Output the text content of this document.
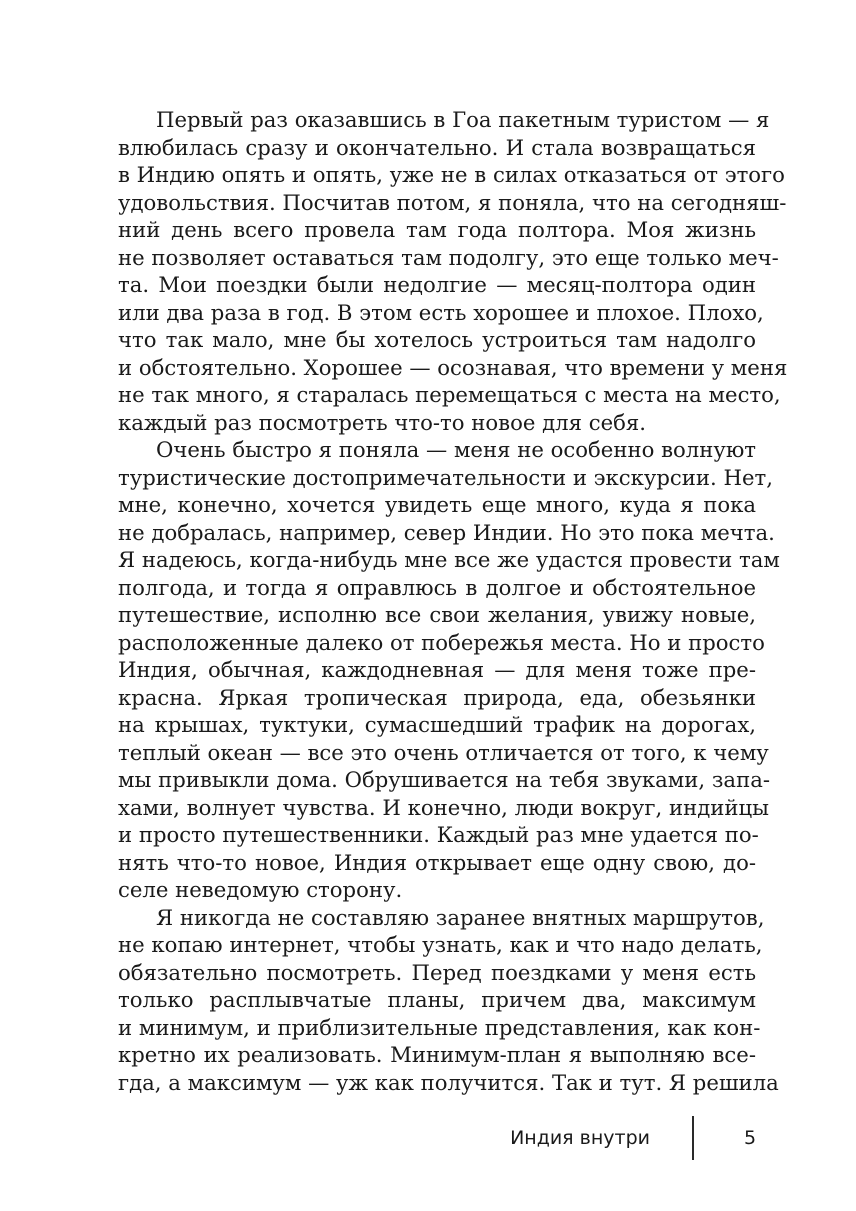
Первый раз оказавшись в Гоа пакетным туристом — я
влюбилась сразу и окончательно. И стала возвращаться
в Индию опять и опять, уже не в силах отказаться от этого
удовольствия. Посчитав потом, я поняла, что на сегодняш-
ний день всего провела там года полтора. Моя жизнь
не позволяет оставаться там подолгу, это еще только меч-
та. Мои поездки были недолгие — месяц-полтора один
или два раза в год. В этом есть хорошее и плохое. Плохо,
что так мало, мне бы хотелось устроиться там надолго
и обстоятельно. Хорошее — осознавая, что времени у меня
не так много, я старалась перемещаться с места на место,
каждый раз посмотреть что-то новое для себя.
Очень быстро я поняла — меня не особенно волнуют
туристические достопримечательности и экскурсии. Нет,
мне, конечно, хочется увидеть еще много, куда я пока
не добралась, например, север Индии. Но это пока мечта.
Я надеюсь, когда-нибудь мне все же удастся провести там
полгода, и тогда я оправлюсь в долгое и обстоятельное
путешествие, исполню все свои желания, увижу новые,
расположенные далеко от побережья места. Но и просто
Индия, обычная, каждодневная — для меня тоже пре-
красна. Яркая тропическая природа, еда, обезьянки
на крышах, туктуки, сумасшедший трафик на дорогах,
теплый океан — все это очень отличается от того, к чему
мы привыкли дома. Обрушивается на тебя звуками, запа-
хами, волнует чувства. И конечно, люди вокруг, индийцы
и просто путешественники. Каждый раз мне удается по-
нять что-то новое, Индия открывает еще одну свою, до-
селе неведомую сторону.
Я никогда не составляю заранее внятных маршрутов,
не копаю интернет, чтобы узнать, как и что надо делать,
обязательно посмотреть. Перед поездками у меня есть
только расплывчатые планы, причем два, максимум
и минимум, и приблизительные представления, как кон-
кретно их реализовать. Минимум-план я выполняю все-
гда, а максимум — уж как получится. Так и тут. Я решила
Индия внутри	5
